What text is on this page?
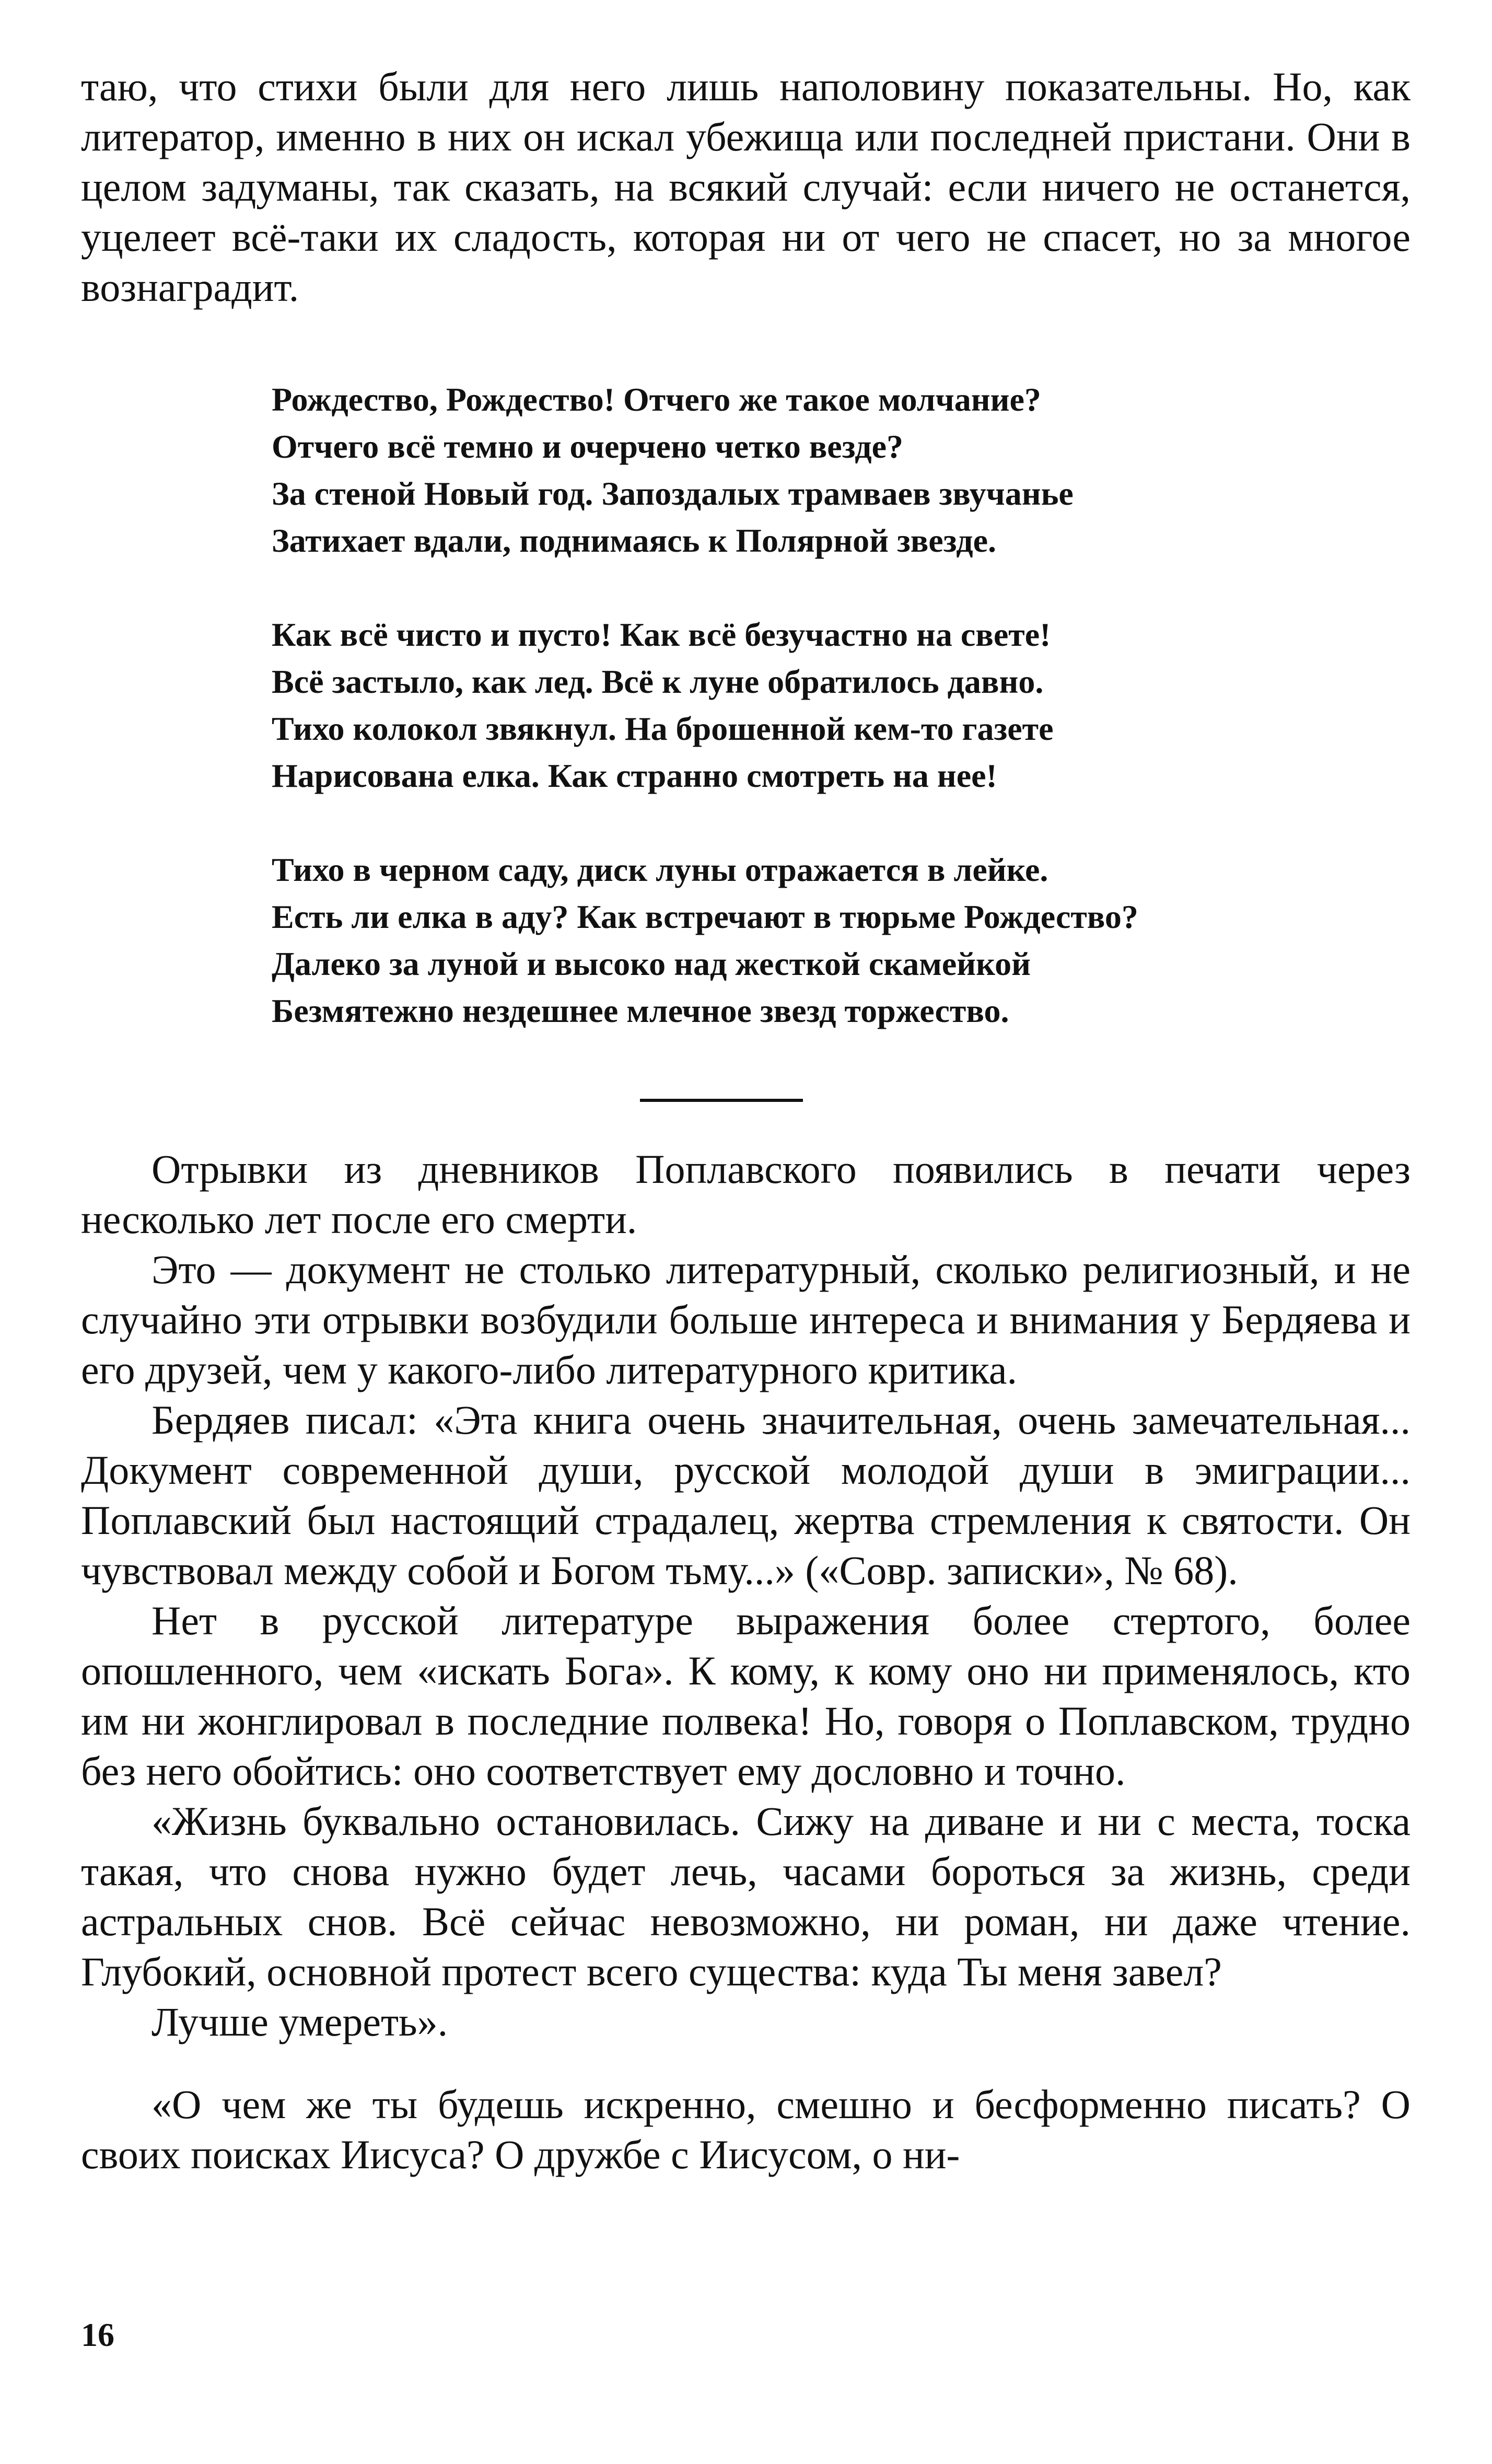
таю, что стихи были для него лишь наполовину показательны. Но, как литератор, именно в них он искал убежища или последней пристани. Они в целом задуманы, так сказать, на всякий случай: если ничего не останется, уцелеет всё-таки их сладость, которая ни от чего не спасет, но за многое вознаградит.

Рождество, Рождество! Отчего же такое молчание?
Отчего всё темно и очерчено четко везде?
За стеной Новый год. Запоздалых трамваев звучанье
Затихает вдали, поднимаясь к Полярной звезде.
Как всё чисто и пусто! Как всё безучастно на свете!
Всё застыло, как лед. Всё к луне обратилось давно.
Тихо колокол звякнул. На брошенной кем-то газете
Нарисована елка. Как странно смотреть на нее!
Тихо в черном саду, диск луны отражается в лейке.
Есть ли елка в аду? Как встречают в тюрьме Рождество?
Далеко за луной и высоко над жесткой скамейкой
Безмятежно нездешнее млечное звезд торжество.

Отрывки из дневников Поплавского появились в печати через несколько лет после его смерти.

Это — документ не столько литературный, сколько религиозный, и не случайно эти отрывки возбудили больше интереса и внимания у Бердяева и его друзей, чем у какого-либо литературного критика.

Бердяев писал: «Эта книга очень значительная, очень замечательная... Документ современной души, русской молодой души в эмиграции... Поплавский был настоящий страдалец, жертва стремления к святости. Он чувствовал между собой и Богом тьму...» («Совр. записки», № 68).

Нет в русской литературе выражения более стертого, более опошленного, чем «искать Бога». К кому, к кому оно ни применялось, кто им ни жонглировал в последние полвека! Но, говоря о Поплавском, трудно без него обойтись: оно соответствует ему дословно и точно.

«Жизнь буквально остановилась. Сижу на диване и ни с места, тоска такая, что снова нужно будет лечь, часами бороться за жизнь, среди астральных снов. Всё сейчас невозможно, ни роман, ни даже чтение. Глубокий, основной протест всего существа: куда Ты меня завел?

Лучше умереть».

«О чем же ты будешь искренно, смешно и бесформенно писать? О своих поисках Иисуса? О дружбе с Иисусом, о ни-

16
